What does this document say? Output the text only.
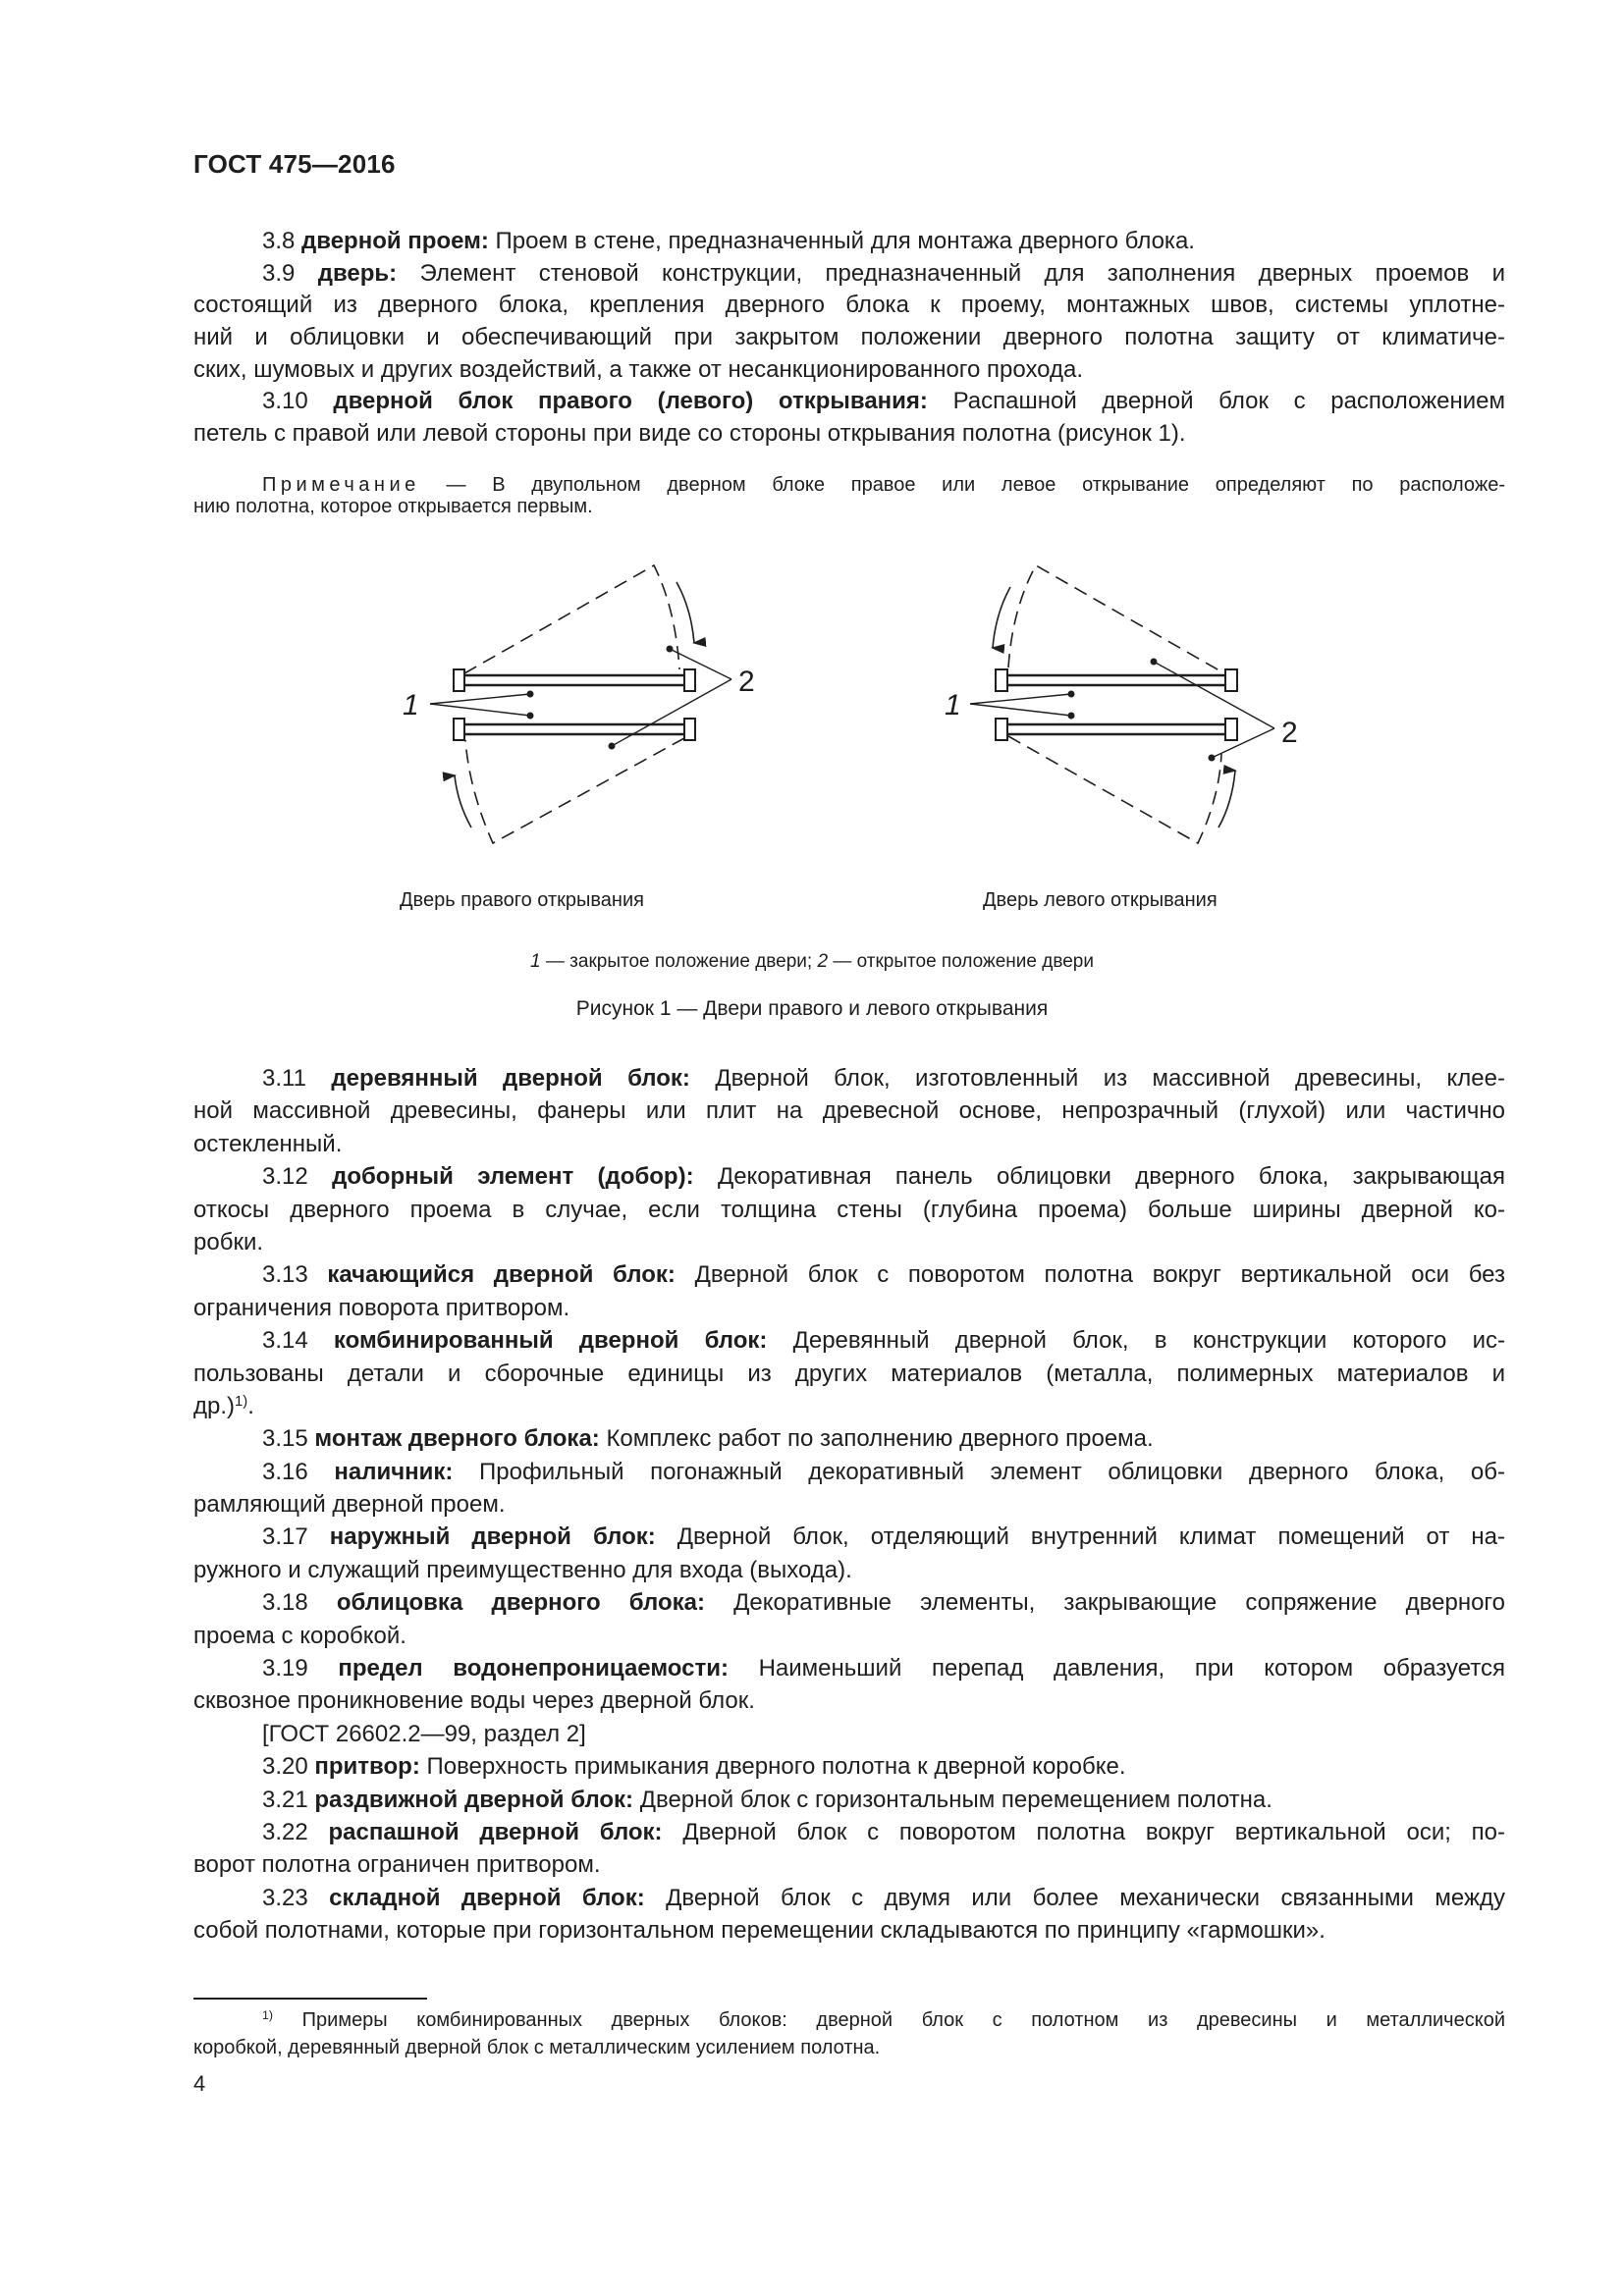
ГОСТ 475—2016
3.8 дверной проем: Проем в стене, предназначенный для монтажа дверного блока.
3.9 дверь: Элемент стеновой конструкции, предназначенный для заполнения дверных проемов и
состоящий из дверного блока, крепления дверного блока к проему, монтажных швов, системы уплотне-
ний и облицовки и обеспечивающий при закрытом положении дверного полотна защиту от климатиче-
ских, шумовых и других воздействий, а также от несанкционированного прохода.
3.10 дверной блок правого (левого) открывания: Распашной дверной блок с расположением
петель с правой или левой стороны при виде со стороны открывания полотна (рисунок 1).
Примечание — В двупольном дверном блоке правое или левое открывание определяют по расположе-
нию полотна, которое открывается первым.
1
2
1
2
Дверь правого открывания	Дверь левого открывания
1 — закрытое положение двери; 2 — открытое положение двери
Рисунок 1 — Двери правого и левого открывания
3.11 деревянный дверной блок: Дверной блок, изготовленный из массивной древесины, клее-
ной массивной древесины, фанеры или плит на древесной основе, непрозрачный (глухой) или частично
остекленный.
3.12 доборный элемент (добор): Декоративная панель облицовки дверного блока, закрывающая
откосы дверного проема в случае, если толщина стены (глубина проема) больше ширины дверной ко-
робки.
3.13 качающийся дверной блок: Дверной блок с поворотом полотна вокруг вертикальной оси без
ограничения поворота притвором.
3.14 комбинированный дверной блок: Деревянный дверной блок, в конструкции которого ис-
пользованы детали и сборочные единицы из других материалов (металла, полимерных материалов и
др.)$^{1)}$.
3.15 монтаж дверного блока: Комплекс работ по заполнению дверного проема.
3.16 наличник: Профильный погонажный декоративный элемент облицовки дверного блока, об-
рамляющий дверной проем.
3.17 наружный дверной блок: Дверной блок, отделяющий внутренний климат помещений от на-
ружного и служащий преимущественно для входа (выхода).
3.18 облицовка дверного блока: Декоративные элементы, закрывающие сопряжение дверного
проема с коробкой.
3.19 предел водонепроницаемости: Наименьший перепад давления, при котором образуется
сквозное проникновение воды через дверной блок.
[ГОСТ 26602.2—99, раздел 2]
3.20 притвор: Поверхность примыкания дверного полотна к дверной коробке.
3.21 раздвижной дверной блок: Дверной блок с горизонтальным перемещением полотна.
3.22 распашной дверной блок: Дверной блок с поворотом полотна вокруг вертикальной оси; по-
ворот полотна ограничен притвором.
3.23 складной дверной блок: Дверной блок с двумя или более механически связанными между
собой полотнами, которые при горизонтальном перемещении складываются по принципу «гармошки».
$^{1)}$ Примеры комбинированных дверных блоков: дверной блок с полотном из древесины и металлической
коробкой, деревянный дверной блок с металлическим усилением полотна.
4
